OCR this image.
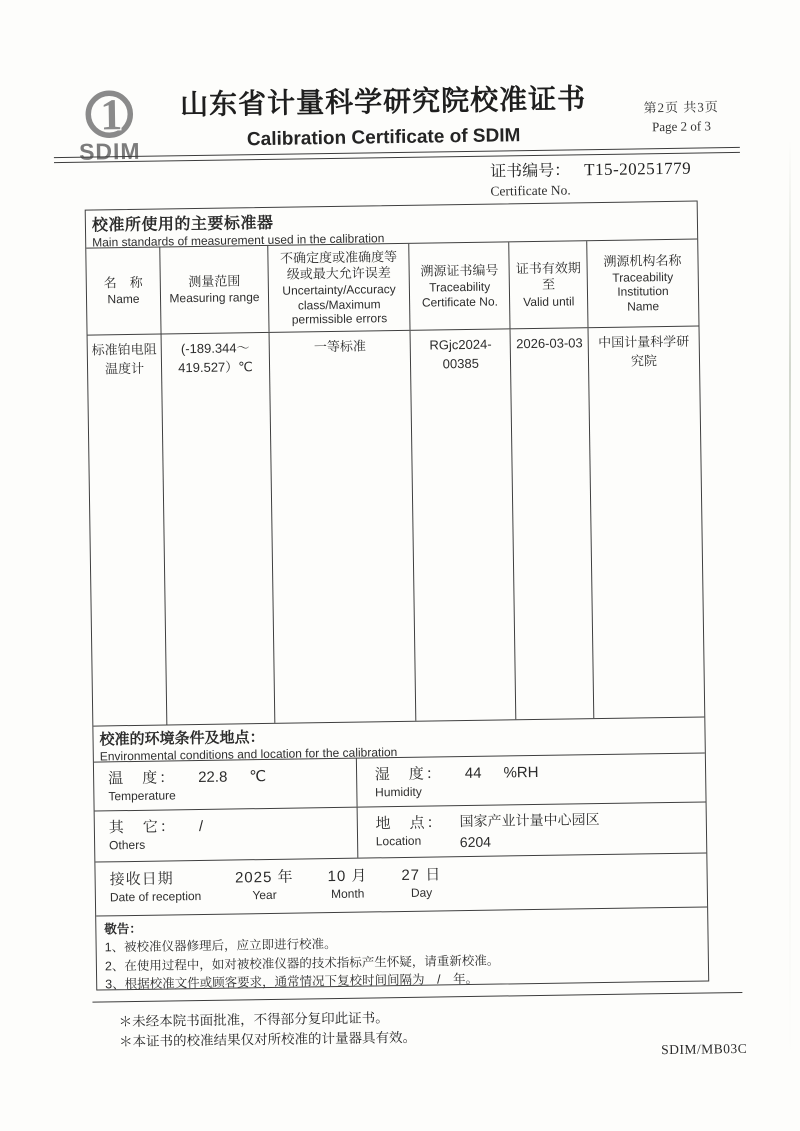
1
SDIM
山东省计量科学研究院校准证书
Calibration Certificate of SDIM
第2页 共3页
Page 2 of 3
证书编号： T15-20251779
Certificate No.
校准所使用的主要标准器
Main standards of measurement used in the calibration
名　称
Name
测量范围
Measuring range
不确定度或准确度等
级或最大允许误差
Uncertainty/Accuracy
class/Maximum
permissible errors
溯源证书编号
Traceability
Certificate No.
证书有效期
至
Valid until
溯源机构名称
Traceability
Institution
Name
标准铂电阻
温度计
(-189.344～
419.527）℃
一等标准	RGjc2024-00385
2026-03-03	中国计量科学研
究院
校准的环境条件及地点：
Environmental conditions and location for the calibration
温　度： 22.8 ℃
Temperature
湿　度： 44 %RH
Humidity
其　它： /
Others
地　点：
Location
国家产业计量中心园区
6204
接收日期
Date of reception
2025 年
Year
10 月
Month
27 日
Day
敬告：
1、被校准仪器修理后，应立即进行校准。
2、在使用过程中，如对被校准仪器的技术指标产生怀疑，请重新校准。
3、根据校准文件或顾客要求，通常情况下复校时间间隔为　/　年。
＊未经本院书面批准，不得部分复印此证书。
＊本证书的校准结果仅对所校准的计量器具有效。
SDIM/MB03C
